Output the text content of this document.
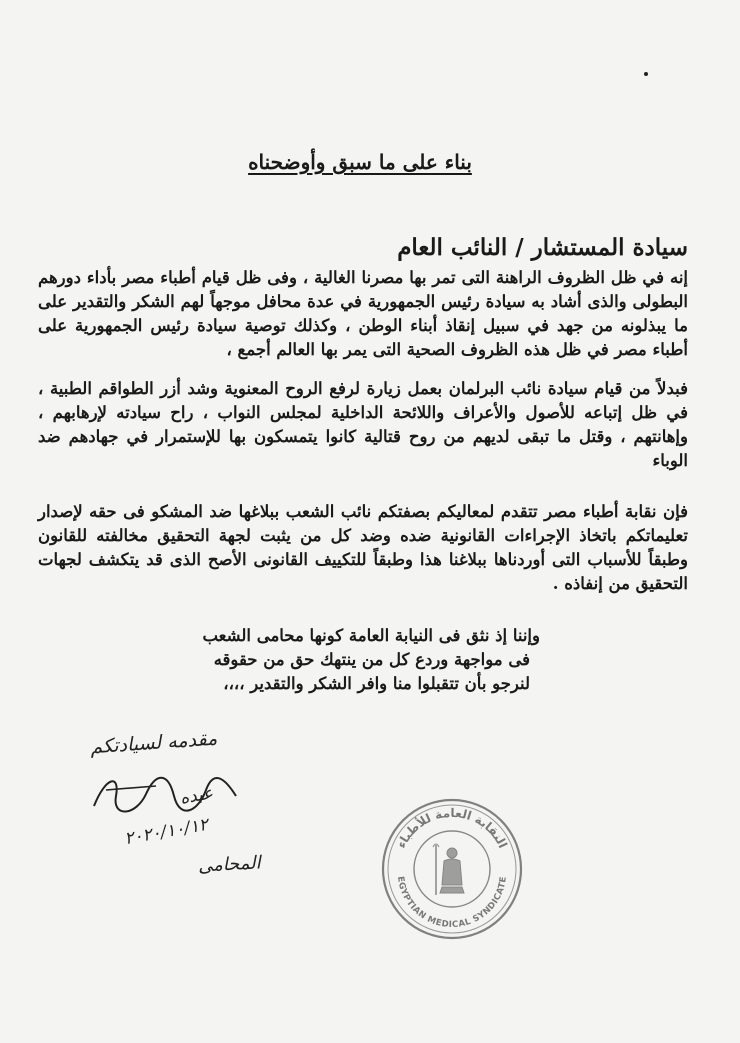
بناء على ما سبق وأوضحناه
سيادة المستشار / النائب العام
إنه في ظل الظروف الراهنة التى تمر بها مصرنا الغالية ، وفى ظل قيام أطباء مصر بأداء دورهم البطولى والذى أشاد به سيادة رئيس الجمهورية في عدة محافل موجهاً لهم الشكر والتقدير على ما يبذلونه من جهد في سبيل إنقاذ أبناء الوطن ، وكذلك توصية سيادة رئيس الجمهورية على أطباء مصر في ظل هذه الظروف الصحية التى يمر بها العالم أجمع ،
فبدلاً من قيام سيادة نائب البرلمان بعمل زيارة لرفع الروح المعنوية وشد أزر الطواقم الطبية ، في ظل إتباعه للأصول والأعراف واللائحة الداخلية لمجلس النواب ، راح سيادته لإرهابهم ، وإهانتهم ، وقتل ما تبقى لديهم من روح قتالية كانوا يتمسكون بها للإستمرار في جهادهم ضد الوباء
فإن نقابة أطباء مصر تتقدم لمعاليكم بصفتكم نائب الشعب ببلاغها ضد المشكو فى حقه لإصدار تعليماتكم باتخاذ الإجراءات القانونية ضده وضد كل من يثبت لجهة التحقيق مخالفته للقانون وطبقاً للأسباب التى أوردناها ببلاغنا هذا وطبقاً للتكييف القانونى الأصح الذى قد يتكشف لجهات التحقيق من إنفاذه .
وإننا إذ نثق فى النيابة العامة كونها محامى الشعب
فى مواجهة وردع كل من ينتهك حق من حقوقه
لنرجو بأن تتقبلوا منا وافر الشكر والتقدير ،،،،
مقدمه لسيادتكم
عبده
٢٠٢٠/١٠/١٢
المحامى
النقابة العامة للأطباء
EGYPTIAN MEDICAL SYNDICATE
